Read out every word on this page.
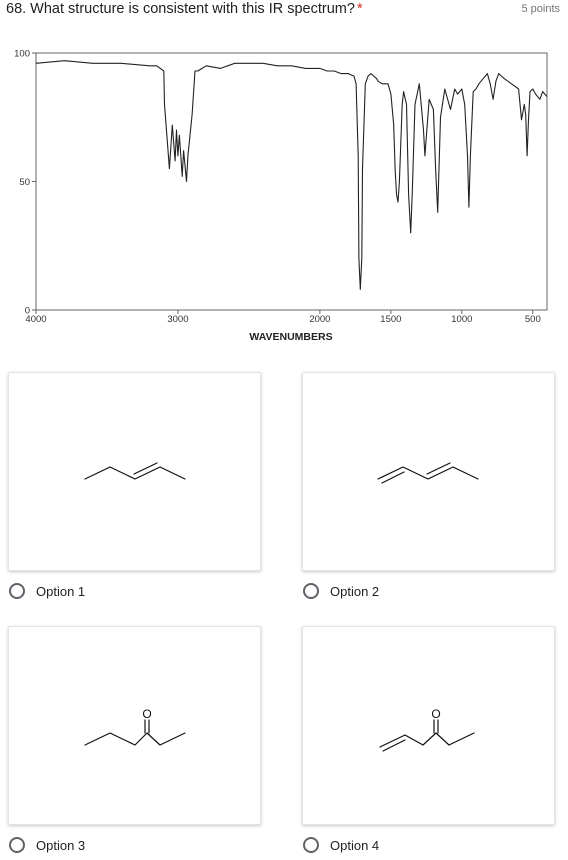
68. What structure is consistent with this IR spectrum? *	5 points
100
50
0
4000	3000	2000	1500	1000	500
WAVENUMBERS
Option 1	Option 2
O
Option 3
O
Option 4
